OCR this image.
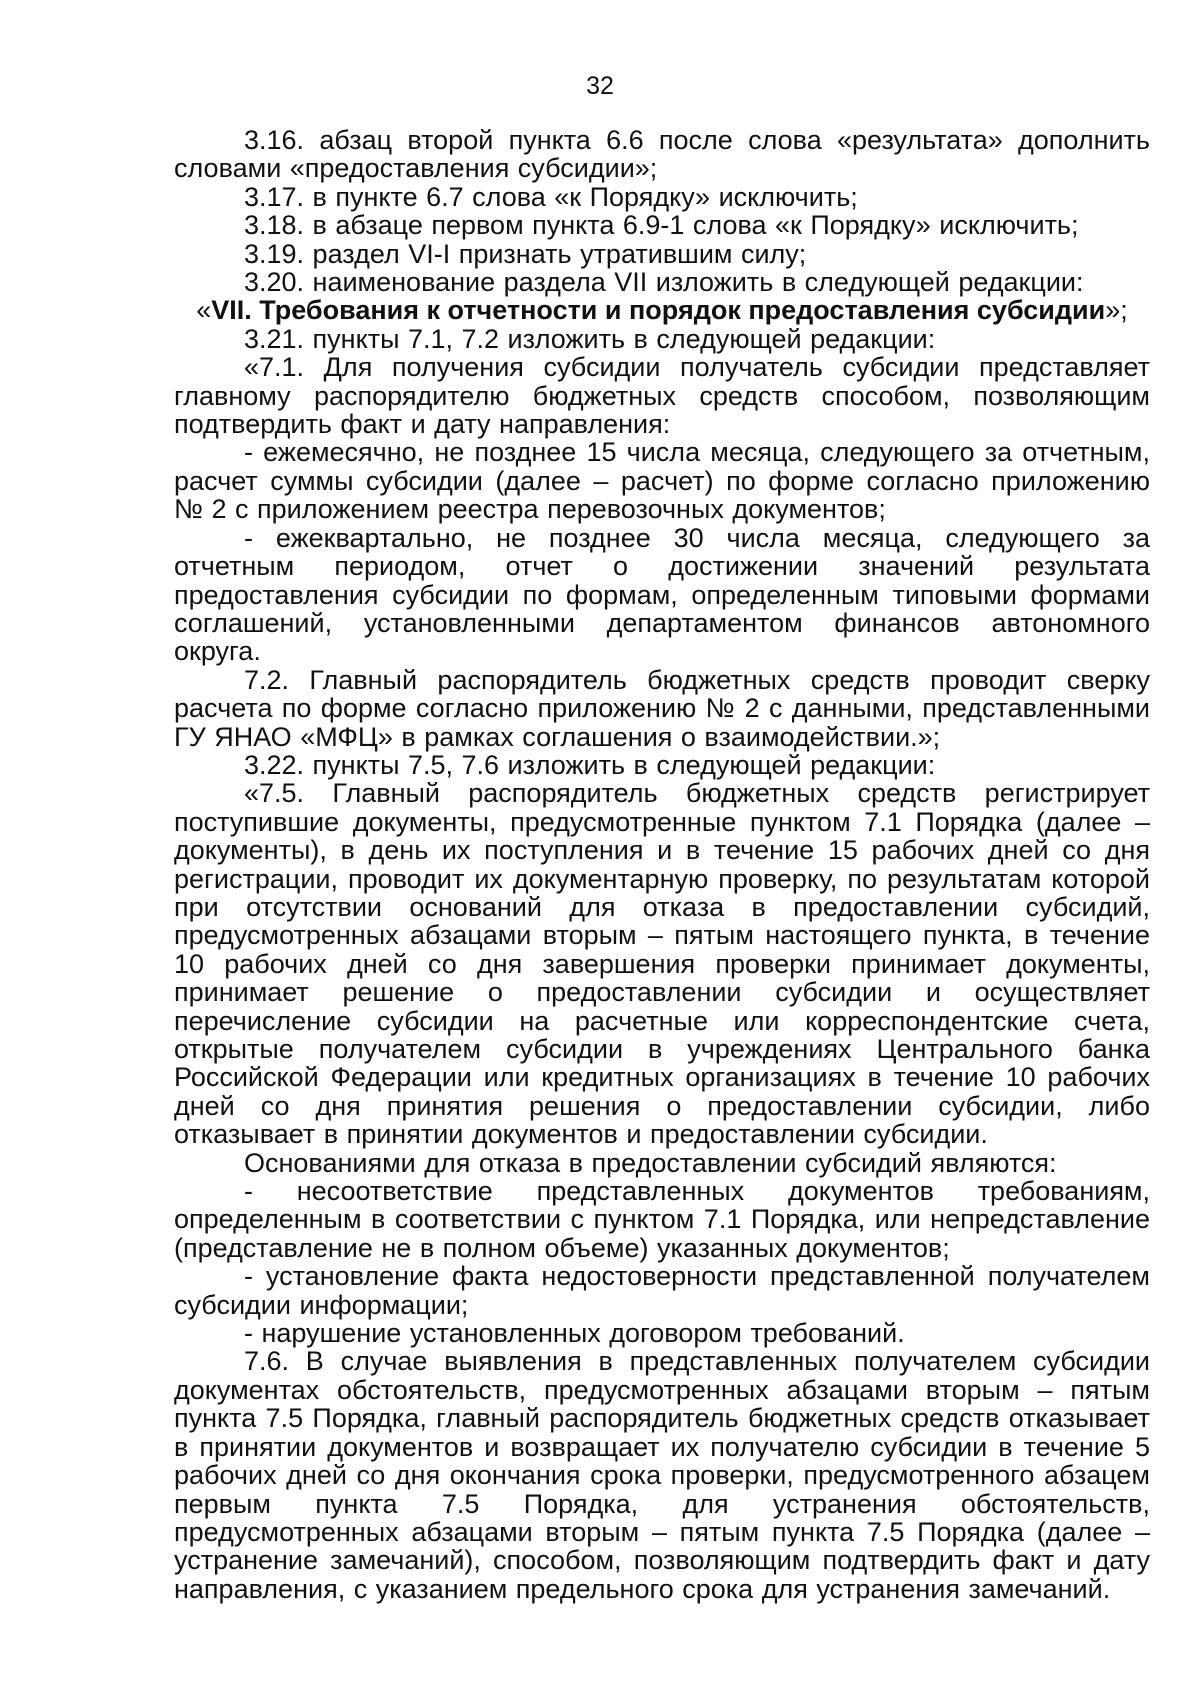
32

3.16. абзац второй пункта 6.6 после слова «результата» дополнить словами «предоставления субсидии»;

3.17. в пункте 6.7 слова «к Порядку» исключить;

3.18. в абзаце первом пункта 6.9-1 слова «к Порядку» исключить;

3.19. раздел VI-I признать утратившим силу;

3.20. наименование раздела VII изложить в следующей редакции:

«VII. Требования к отчетности и порядок предоставления субсидии»;

3.21. пункты 7.1, 7.2 изложить в следующей редакции:

«7.1. Для получения субсидии получатель субсидии представляет главному распорядителю бюджетных средств способом, позволяющим подтвердить факт и дату направления:

- ежемесячно, не позднее 15 числа месяца, следующего за отчетным, расчет суммы субсидии (далее – расчет) по форме согласно приложению № 2 с приложением реестра перевозочных документов;

- ежеквартально, не позднее 30 числа месяца, следующего за отчетным периодом, отчет о достижении значений результата предоставления субсидии по формам, определенным типовыми формами соглашений, установленными департаментом финансов автономного округа.

7.2. Главный распорядитель бюджетных средств проводит сверку расчета по форме согласно приложению № 2 с данными, представленными ГУ ЯНАО «МФЦ» в рамках соглашения о взаимодействии.»;

3.22. пункты 7.5, 7.6 изложить в следующей редакции:

«7.5. Главный распорядитель бюджетных средств регистрирует поступившие документы, предусмотренные пунктом 7.1 Порядка (далее – документы), в день их поступления и в течение 15 рабочих дней со дня регистрации, проводит их документарную проверку, по результатам которой при отсутствии оснований для отказа в предоставлении субсидий, предусмотренных абзацами вторым – пятым настоящего пункта, в течение 10 рабочих дней со дня завершения проверки принимает документы, принимает решение о предоставлении субсидии и осуществляет перечисление субсидии на расчетные или корреспондентские счета, открытые получателем субсидии в учреждениях Центрального банка Российской Федерации или кредитных организациях в течение 10 рабочих дней со дня принятия решения о предоставлении субсидии, либо отказывает в принятии документов и предоставлении субсидии.

Основаниями для отказа в предоставлении субсидий являются:

- несоответствие представленных документов требованиям, определенным в соответствии с пунктом 7.1 Порядка, или непредставление (представление не в полном объеме) указанных документов;

- установление факта недостоверности представленной получателем субсидии информации;

- нарушение установленных договором требований.

7.6. В случае выявления в представленных получателем субсидии документах обстоятельств, предусмотренных абзацами вторым – пятым пункта 7.5 Порядка, главный распорядитель бюджетных средств отказывает в принятии документов и возвращает их получателю субсидии в течение 5 рабочих дней со дня окончания срока проверки, предусмотренного абзацем первым пункта 7.5 Порядка, для устранения обстоятельств, предусмотренных абзацами вторым – пятым пункта 7.5 Порядка (далее – устранение замечаний), способом, позволяющим подтвердить факт и дату направления, с указанием предельного срока для устранения замечаний.
